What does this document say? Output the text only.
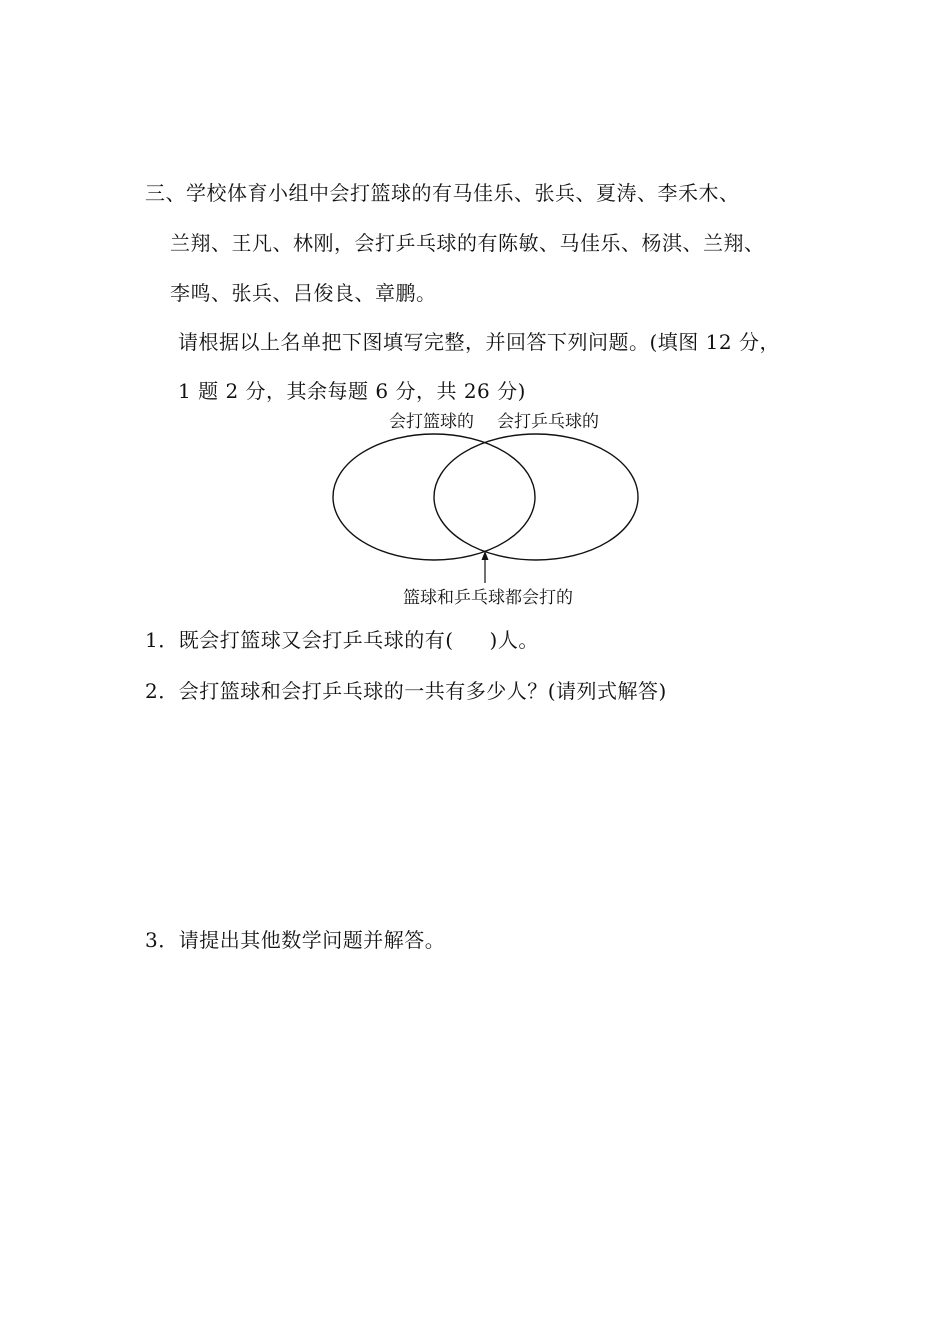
三、学校体育小组中会打篮球的有马佳乐、张兵、夏涛、李禾木、
兰翔、王凡、林刚，会打乒乓球的有陈敏、马佳乐、杨淇、兰翔、
李鸣、张兵、吕俊良、章鹏。
请根据以上名单把下图填写完整，并回答下列问题。(填图 12 分，
1 题 2 分，其余每题 6 分，共 26 分)
会打篮球的 会打乒乓球的
篮球和乒乓球都会打的
1．既会打篮球又会打乒乓球的有( )人。
2．会打篮球和会打乒乓球的一共有多少人？(请列式解答)
3．请提出其他数学问题并解答。
